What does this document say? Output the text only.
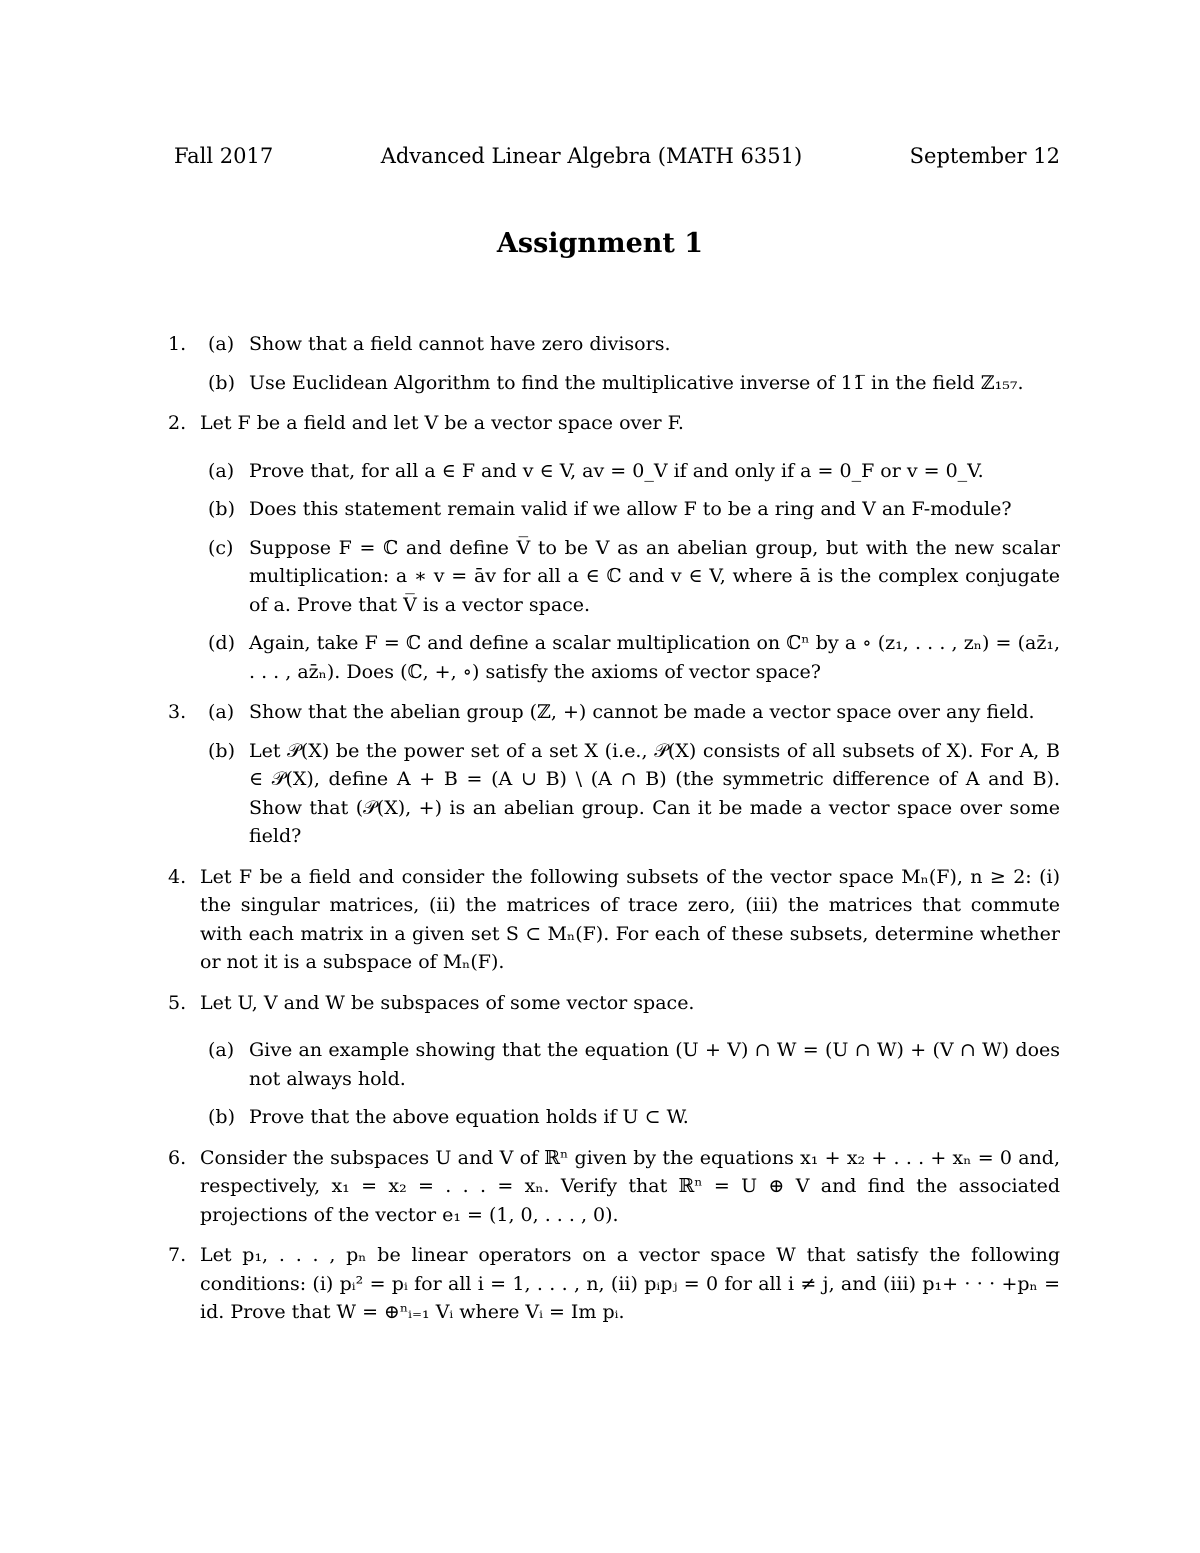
Fall 2017	Advanced Linear Algebra (MATH 6351)	September 12
Assignment 1
1. (a) Show that a field cannot have zero divisors.
(b) Use Euclidean Algorithm to find the multiplicative inverse of 11̅ in the field ℤ₁₅₇.
2. Let F be a field and let V be a vector space over F.
(a) Prove that, for all a ∈ F and v ∈ V, av = 0_V if and only if a = 0_F or v = 0_V.
(b) Does this statement remain valid if we allow F to be a ring and V an F-module?
(c) Suppose F = ℂ and define V̅ to be V as an abelian group, but with the new scalar multiplication: a ∗ v = āv for all a ∈ ℂ and v ∈ V, where ā is the complex conjugate of a. Prove that V̅ is a vector space.
(d) Again, take F = ℂ and define a scalar multiplication on ℂⁿ by a ∘ (z₁, . . . , zₙ) = (az̄₁, . . . , az̄ₙ). Does (ℂ, +, ∘) satisfy the axioms of vector space?
3. (a) Show that the abelian group (ℤ, +) cannot be made a vector space over any field.
(b) Let 𝒫(X) be the power set of a set X (i.e., 𝒫(X) consists of all subsets of X). For A, B ∈ 𝒫(X), define A + B = (A ∪ B) \ (A ∩ B) (the symmetric difference of A and B). Show that (𝒫(X), +) is an abelian group. Can it be made a vector space over some field?
4. Let F be a field and consider the following subsets of the vector space Mₙ(F), n ≥ 2: (i) the singular matrices, (ii) the matrices of trace zero, (iii) the matrices that commute with each matrix in a given set S ⊂ Mₙ(F). For each of these subsets, determine whether or not it is a subspace of Mₙ(F).
5. Let U, V and W be subspaces of some vector space.
(a) Give an example showing that the equation (U + V) ∩ W = (U ∩ W) + (V ∩ W) does not always hold.
(b) Prove that the above equation holds if U ⊂ W.
6. Consider the subspaces U and V of ℝⁿ given by the equations x₁ + x₂ + . . . + xₙ = 0 and, respectively, x₁ = x₂ = . . . = xₙ. Verify that ℝⁿ = U ⊕ V and find the associated projections of the vector e₁ = (1, 0, . . . , 0).
7. Let p₁, . . . , pₙ be linear operators on a vector space W that satisfy the following conditions: (i) pᵢ² = pᵢ for all i = 1, . . . , n, (ii) pᵢpⱼ = 0 for all i ≠ j, and (iii) p₁+ · · · +pₙ = id. Prove that W = ⊕ⁿᵢ₌₁ Vᵢ where Vᵢ = Im pᵢ.
